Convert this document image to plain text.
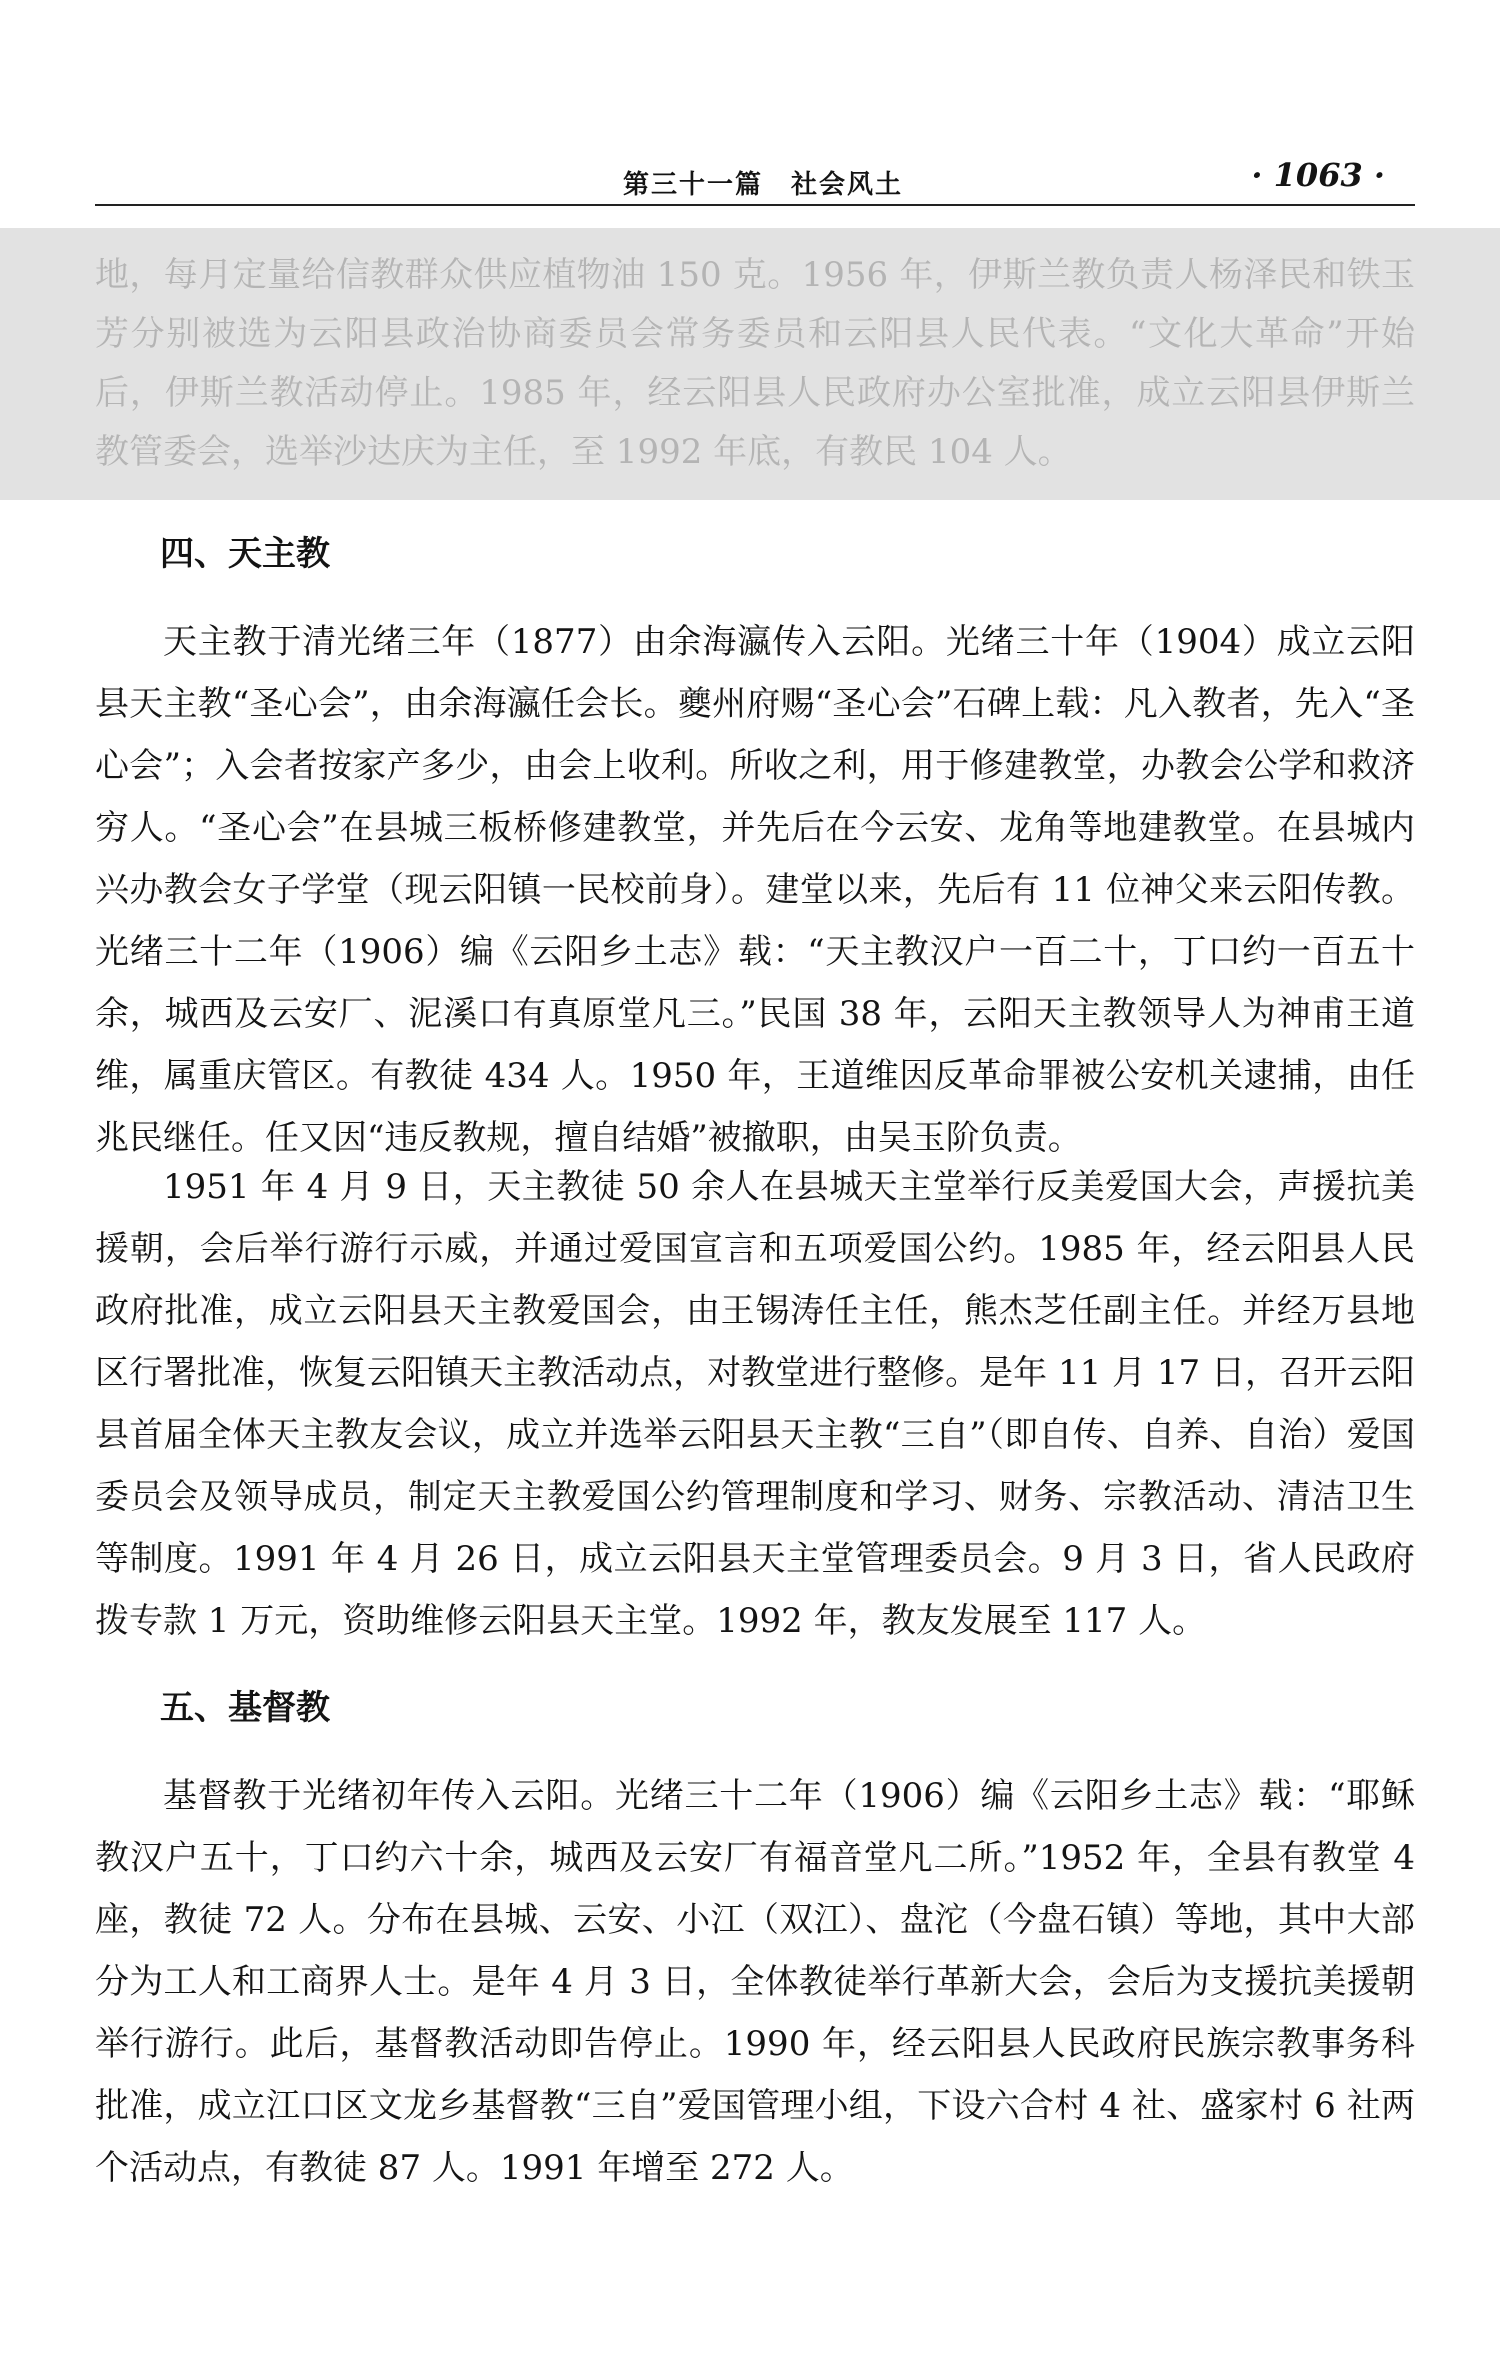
第三十一篇　社会风土	· 1063 ·

地，每月定量给信教群众供应植物油 150 克。1956 年，伊斯兰教负责人杨泽民和铁玉芳分别被选为云阳县政治协商委员会常务委员和云阳县人民代表。“文化大革命”开始后，伊斯兰教活动停止。1985 年，经云阳县人民政府办公室批准，成立云阳县伊斯兰教管委会，选举沙达庆为主任，至 1992 年底，有教民 104 人。

四、天主教

天主教于清光绪三年（1877）由余海瀛传入云阳。光绪三十年（1904）成立云阳县天主教“圣心会”，由余海瀛任会长。夔州府赐“圣心会”石碑上载：凡入教者，先入“圣心会”；入会者按家产多少，由会上收利。所收之利，用于修建教堂，办教会公学和救济穷人。“圣心会”在县城三板桥修建教堂，并先后在今云安、龙角等地建教堂。在县城内兴办教会女子学堂（现云阳镇一民校前身）。建堂以来，先后有 11 位神父来云阳传教。光绪三十二年（1906）编《云阳乡土志》载：“天主教汉户一百二十，丁口约一百五十余，城西及云安厂、泥溪口有真原堂凡三。”民国 38 年，云阳天主教领导人为神甫王道维，属重庆管区。有教徒 434 人。1950 年，王道维因反革命罪被公安机关逮捕，由任兆民继任。任又因“违反教规，擅自结婚”被撤职，由吴玉阶负责。

1951 年 4 月 9 日，天主教徒 50 余人在县城天主堂举行反美爱国大会，声援抗美援朝，会后举行游行示威，并通过爱国宣言和五项爱国公约。1985 年，经云阳县人民政府批准，成立云阳县天主教爱国会，由王锡涛任主任，熊杰芝任副主任。并经万县地区行署批准，恢复云阳镇天主教活动点，对教堂进行整修。是年 11 月 17 日，召开云阳县首届全体天主教友会议，成立并选举云阳县天主教“三自”（即自传、自养、自治）爱国委员会及领导成员，制定天主教爱国公约管理制度和学习、财务、宗教活动、清洁卫生等制度。1991 年 4 月 26 日，成立云阳县天主堂管理委员会。9 月 3 日，省人民政府拨专款 1 万元，资助维修云阳县天主堂。1992 年，教友发展至 117 人。

五、基督教

基督教于光绪初年传入云阳。光绪三十二年（1906）编《云阳乡土志》载：“耶稣教汉户五十，丁口约六十余，城西及云安厂有福音堂凡二所。”1952 年，全县有教堂 4 座，教徒 72 人。分布在县城、云安、小江（双江）、盘沱（今盘石镇）等地，其中大部分为工人和工商界人士。是年 4 月 3 日，全体教徒举行革新大会，会后为支援抗美援朝举行游行。此后，基督教活动即告停止。1990 年，经云阳县人民政府民族宗教事务科批准，成立江口区文龙乡基督教“三自”爱国管理小组，下设六合村 4 社、盛家村 6 社两个活动点，有教徒 87 人。1991 年增至 272 人。
